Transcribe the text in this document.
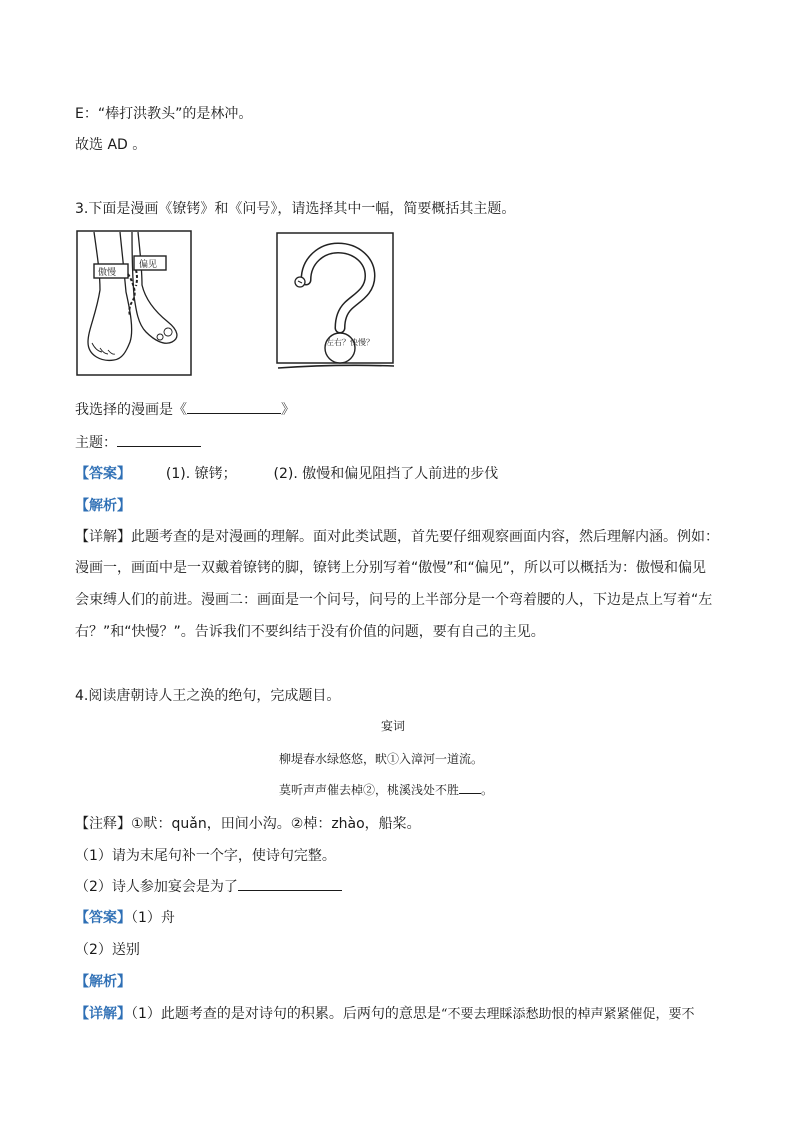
E：“棒打洪教头”的是林冲。
故选 AD 。
3.下面是漫画《镣铐》和《问号》，请选择其中一幅，简要概括其主题。
傲慢
偏见
左右？快慢？
我选择的漫画是《	》
主题：
【答案】 (1). 镣铐；	(2). 傲慢和偏见阻挡了人前进的步伐
【解析】
【详解】此题考查的是对漫画的理解。面对此类试题，首先要仔细观察画面内容，然后理解内涵。例如：
漫画一，画面中是一双戴着镣铐的脚，镣铐上分别写着“傲慢”和“偏见”，所以可以概括为：傲慢和偏见
会束缚人们的前进。漫画二：画面是一个问号，问号的上半部分是一个弯着腰的人，下边是点上写着“左
右？”和“快慢？”。告诉我们不要纠结于没有价值的问题，要有自己的主见。
4.阅读唐朝诗人王之涣的绝句，完成题目。
宴词
柳堤春水绿悠悠，畎①入漳河一道流。
莫听声声催去棹②，桃溪浅处不胜 。
【注释】①畎：quǎn，田间小沟。②棹：zhào，船桨。
（1）请为末尾句补一个字，使诗句完整。
（2）诗人参加宴会是为了
【答案】（1）舟
（2）送别
【解析】
【详解】（1）此题考查的是对诗句的积累。后两句的意思是“不要去理睬添愁助恨的棹声紧紧催促，要不
